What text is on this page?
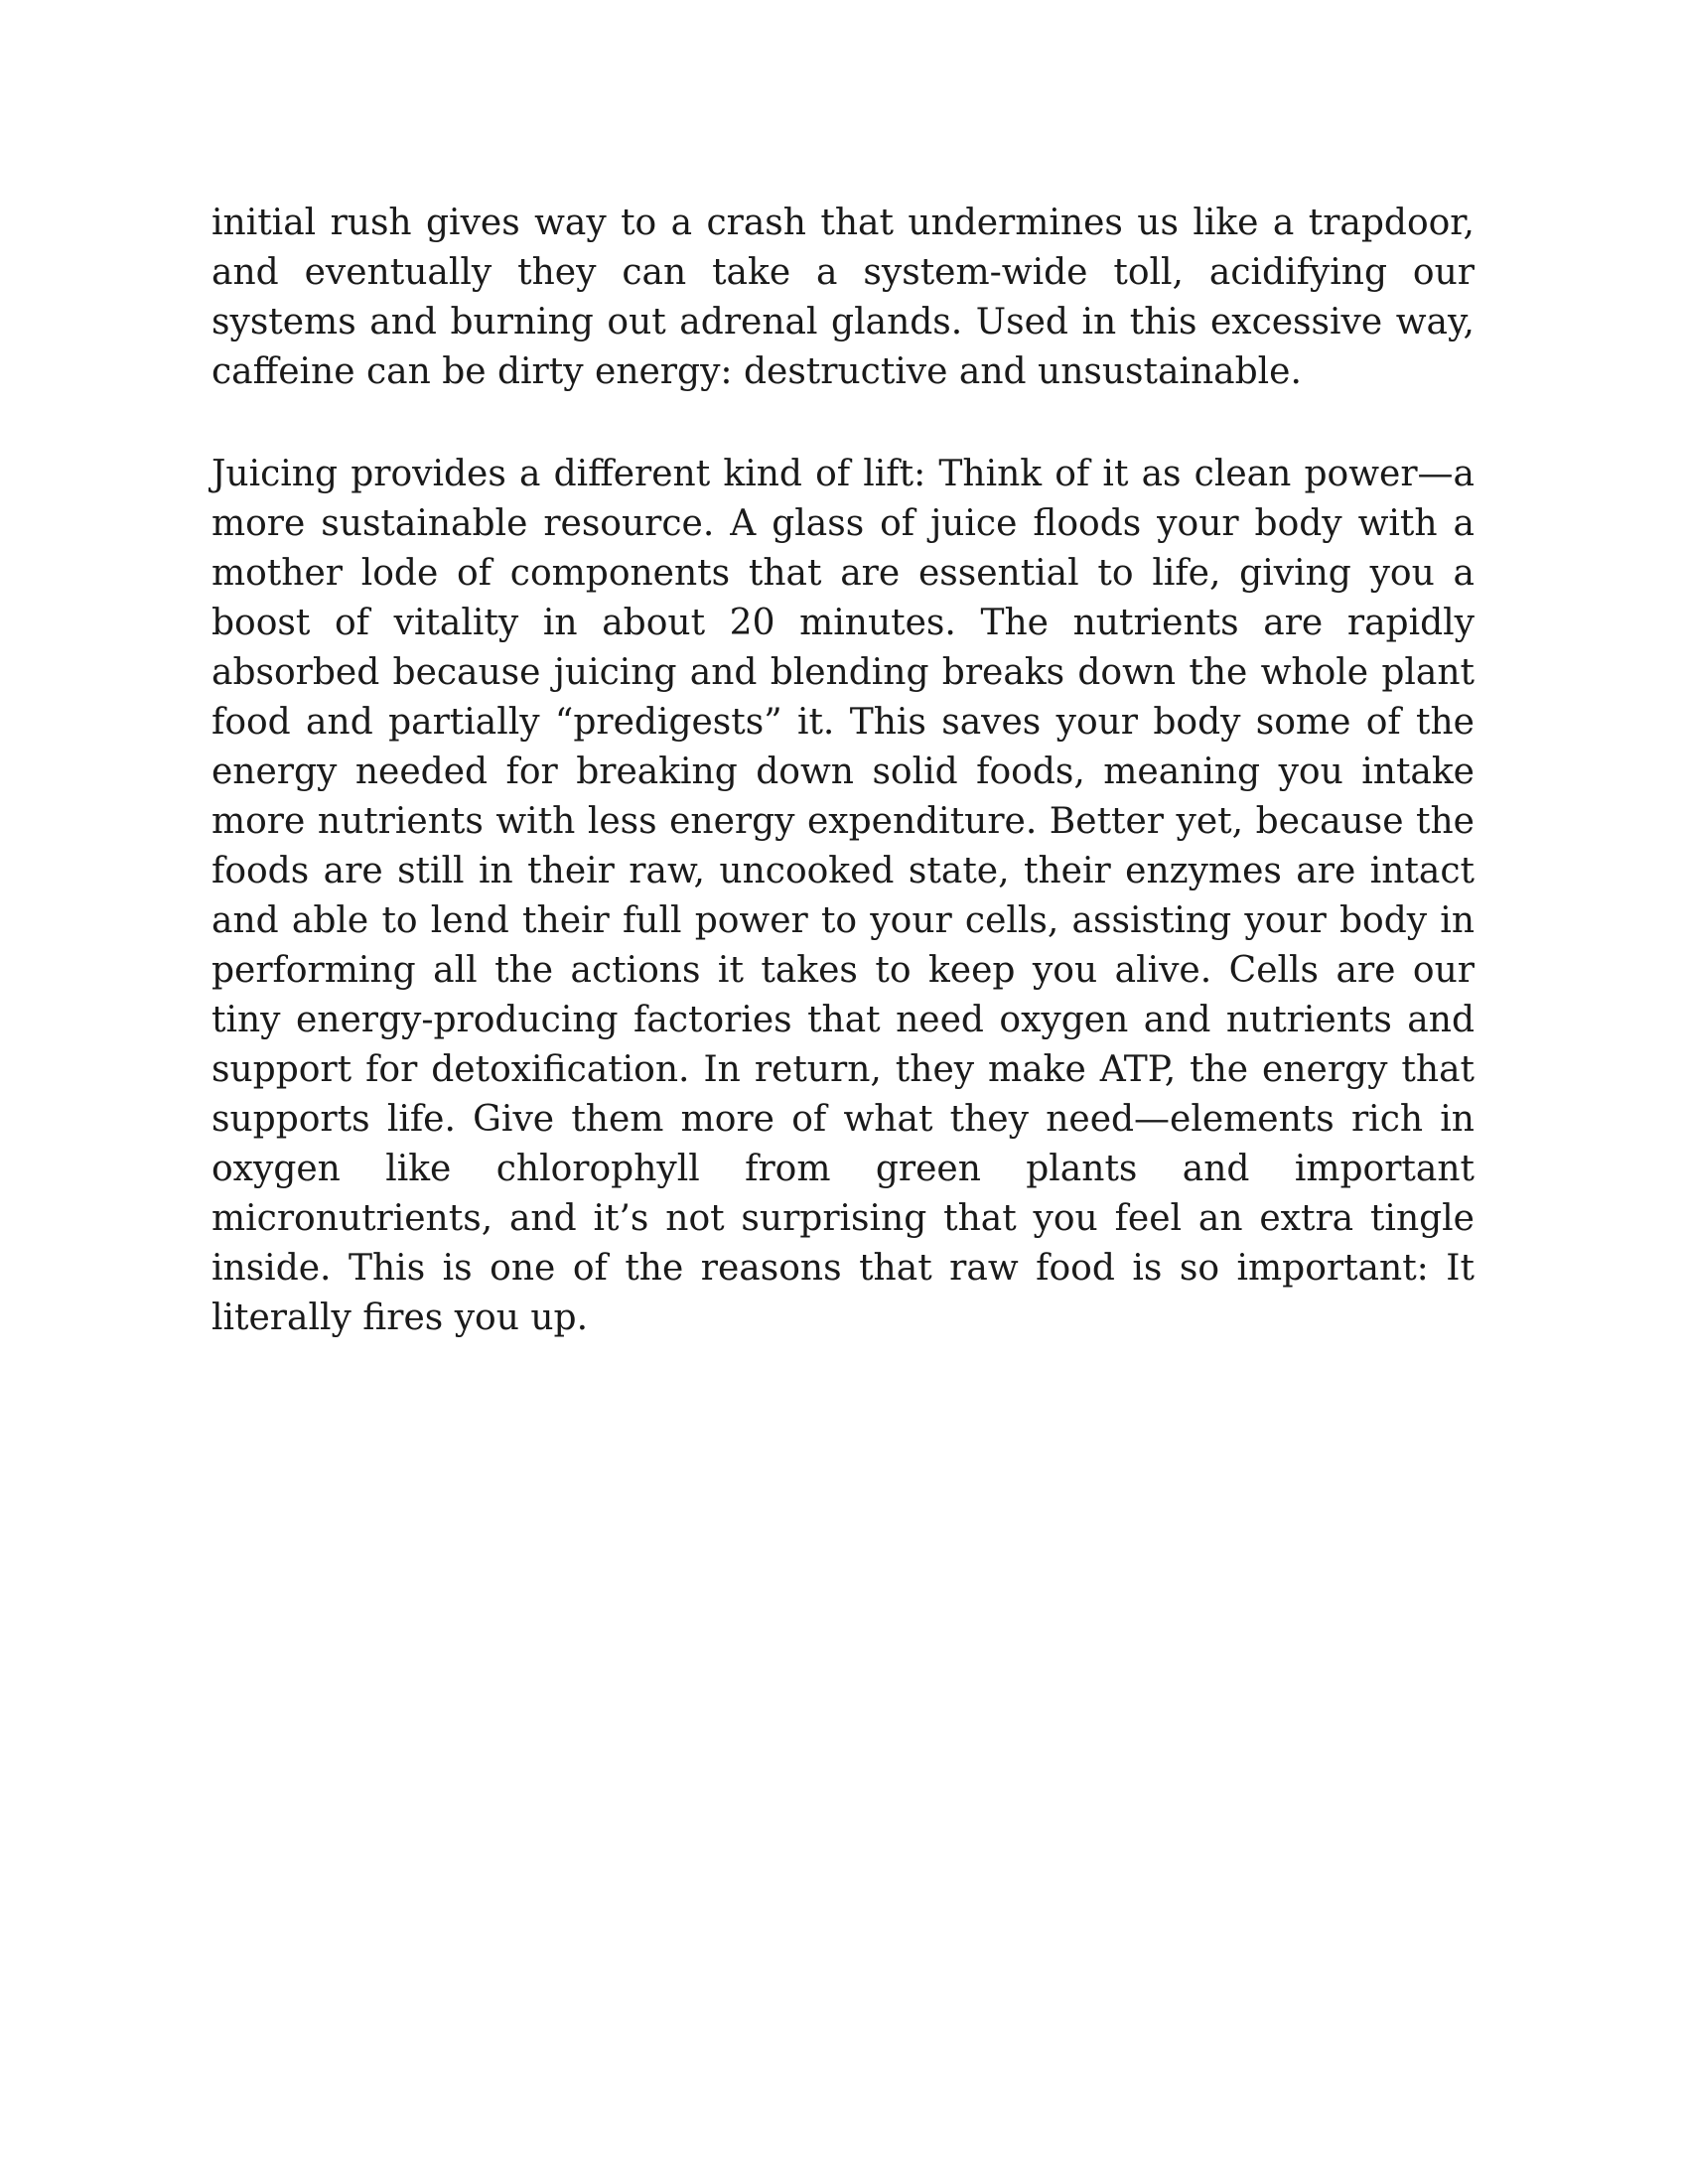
initial rush gives way to a crash that undermines us like a trapdoor, and eventually they can take a system-wide toll, acidifying our systems and burning out adrenal glands. Used in this excessive way, caffeine can be dirty energy: destructive and unsustainable.

Juicing provides a different kind of lift: Think of it as clean power—a more sustainable resource. A glass of juice floods your body with a mother lode of components that are essential to life, giving you a boost of vitality in about 20 minutes. The nutrients are rapidly absorbed because juicing and blending breaks down the whole plant food and partially “predigests” it. This saves your body some of the energy needed for breaking down solid foods, meaning you intake more nutrients with less energy expenditure. Better yet, because the foods are still in their raw, uncooked state, their enzymes are intact and able to lend their full power to your cells, assisting your body in performing all the actions it takes to keep you alive. Cells are our tiny energy-producing factories that need oxygen and nutrients and support for detoxification. In return, they make ATP, the energy that supports life. Give them more of what they need—elements rich in oxygen like chlorophyll from green plants and important micronutrients, and it’s not surprising that you feel an extra tingle inside. This is one of the reasons that raw food is so important: It literally fires you up.
